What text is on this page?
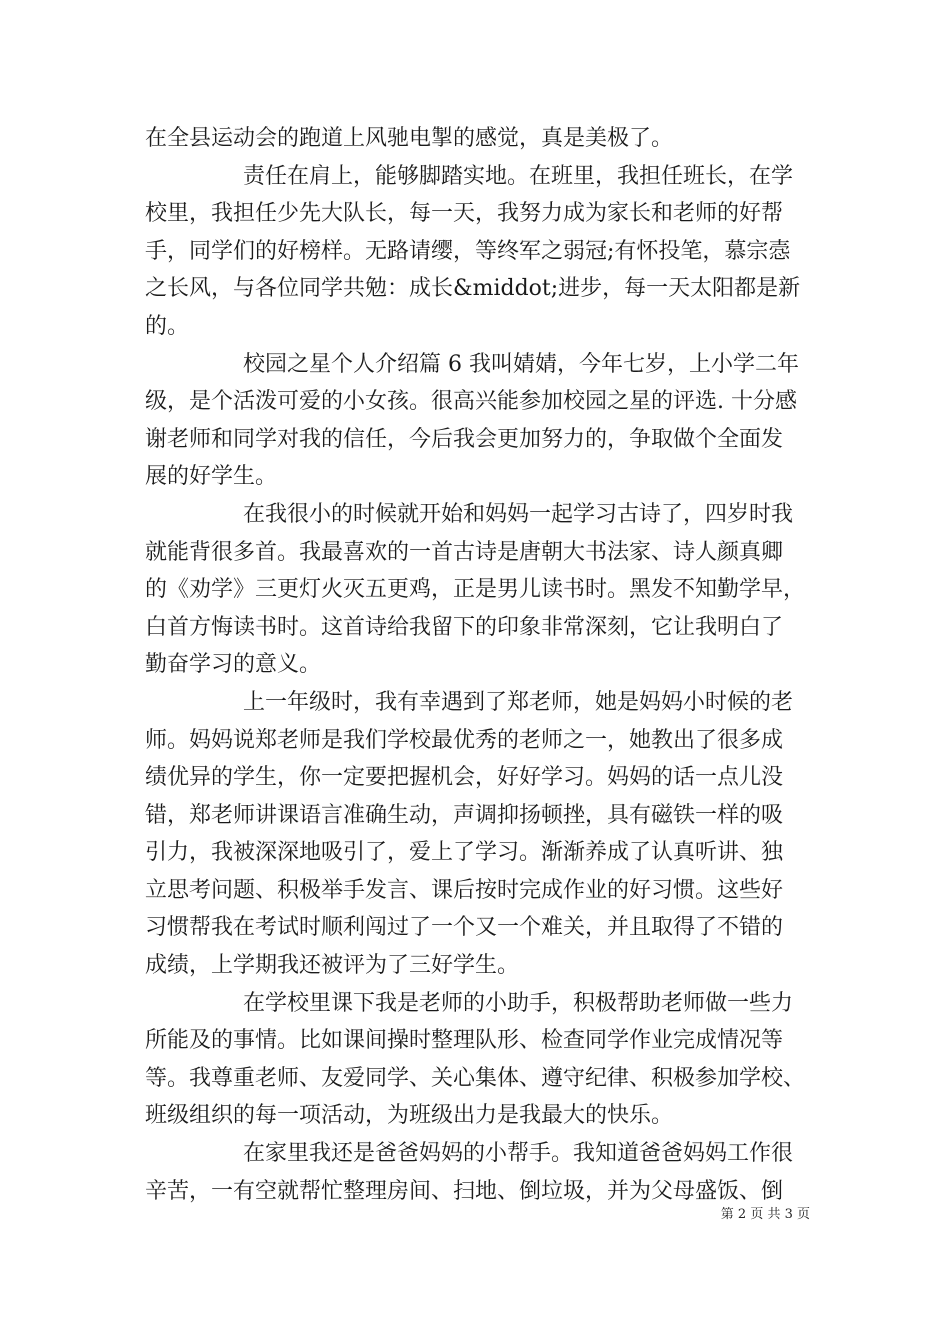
在全县运动会的跑道上风驰电掣的感觉，真是美极了。
责任在肩上，能够脚踏实地。在班里，我担任班长，在学
校里，我担任少先大队长，每一天，我努力成为家长和老师的好帮
手，同学们的好榜样。无路请缨，等终军之弱冠;有怀投笔，慕宗悫
之长风，与各位同学共勉：成长&middot;进步，每一天太阳都是新
的。
校园之星个人介绍篇 6 我叫婧婧，今年七岁，上小学二年
级，是个活泼可爱的小女孩。很高兴能参加校园之星的评选. 十分感
谢老师和同学对我的信任，今后我会更加努力的，争取做个全面发
展的好学生。
在我很小的时候就开始和妈妈一起学习古诗了，四岁时我
就能背很多首。我最喜欢的一首古诗是唐朝大书法家、诗人颜真卿
的《劝学》三更灯火灭五更鸡，正是男儿读书时。黑发不知勤学早，
白首方悔读书时。这首诗给我留下的印象非常深刻，它让我明白了
勤奋学习的意义。
上一年级时，我有幸遇到了郑老师，她是妈妈小时候的老
师。妈妈说郑老师是我们学校最优秀的老师之一，她教出了很多成
绩优异的学生，你一定要把握机会，好好学习。妈妈的话一点儿没
错，郑老师讲课语言准确生动，声调抑扬顿挫，具有磁铁一样的吸
引力，我被深深地吸引了，爱上了学习。渐渐养成了认真听讲、独
立思考问题、积极举手发言、课后按时完成作业的好习惯。这些好
习惯帮我在考试时顺利闯过了一个又一个难关，并且取得了不错的
成绩，上学期我还被评为了三好学生。
在学校里课下我是老师的小助手，积极帮助老师做一些力
所能及的事情。比如课间操时整理队形、检查同学作业完成情况等
等。我尊重老师、友爱同学、关心集体、遵守纪律、积极参加学校、
班级组织的每一项活动，为班级出力是我最大的快乐。
在家里我还是爸爸妈妈的小帮手。我知道爸爸妈妈工作很
辛苦，一有空就帮忙整理房间、扫地、倒垃圾，并为父母盛饭、倒
第 2 页 共 3 页
